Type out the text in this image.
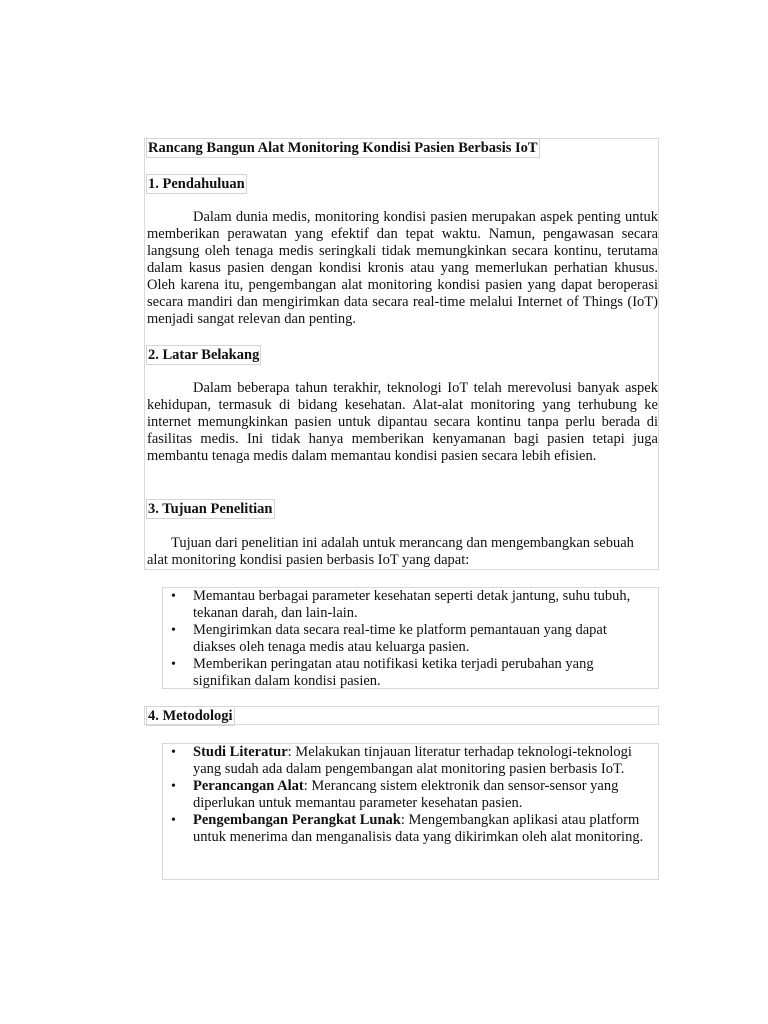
Rancang Bangun Alat Monitoring Kondisi Pasien Berbasis IoT
1. Pendahuluan

Dalam dunia medis, monitoring kondisi pasien merupakan aspek penting untuk memberikan perawatan yang efektif dan tepat waktu. Namun, pengawasan secara langsung oleh tenaga medis seringkali tidak memungkinkan secara kontinu, terutama dalam kasus pasien dengan kondisi kronis atau yang memerlukan perhatian khusus. Oleh karena itu, pengembangan alat monitoring kondisi pasien yang dapat beroperasi secara mandiri dan mengirimkan data secara real-time melalui Internet of Things (IoT) menjadi sangat relevan dan penting.

2. Latar Belakang

Dalam beberapa tahun terakhir, teknologi IoT telah merevolusi banyak aspek kehidupan, termasuk di bidang kesehatan. Alat-alat monitoring yang terhubung ke internet memungkinkan pasien untuk dipantau secara kontinu tanpa perlu berada di fasilitas medis. Ini tidak hanya memberikan kenyamanan bagi pasien tetapi juga membantu tenaga medis dalam memantau kondisi pasien secara lebih efisien.

3. Tujuan Penelitian

Tujuan dari penelitian ini adalah untuk merancang dan mengembangkan sebuah alat monitoring kondisi pasien berbasis IoT yang dapat:

• Memantau berbagai parameter kesehatan seperti detak jantung, suhu tubuh, tekanan darah, dan lain-lain.
• Mengirimkan data secara real-time ke platform pemantauan yang dapat diakses oleh tenaga medis atau keluarga pasien.
• Memberikan peringatan atau notifikasi ketika terjadi perubahan yang signifikan dalam kondisi pasien.
4. Metodologi
• Studi Literatur: Melakukan tinjauan literatur terhadap teknologi-teknologi yang sudah ada dalam pengembangan alat monitoring pasien berbasis IoT.
• Perancangan Alat: Merancang sistem elektronik dan sensor-sensor yang diperlukan untuk memantau parameter kesehatan pasien.
• Pengembangan Perangkat Lunak: Mengembangkan aplikasi atau platform untuk menerima dan menganalisis data yang dikirimkan oleh alat monitoring.
